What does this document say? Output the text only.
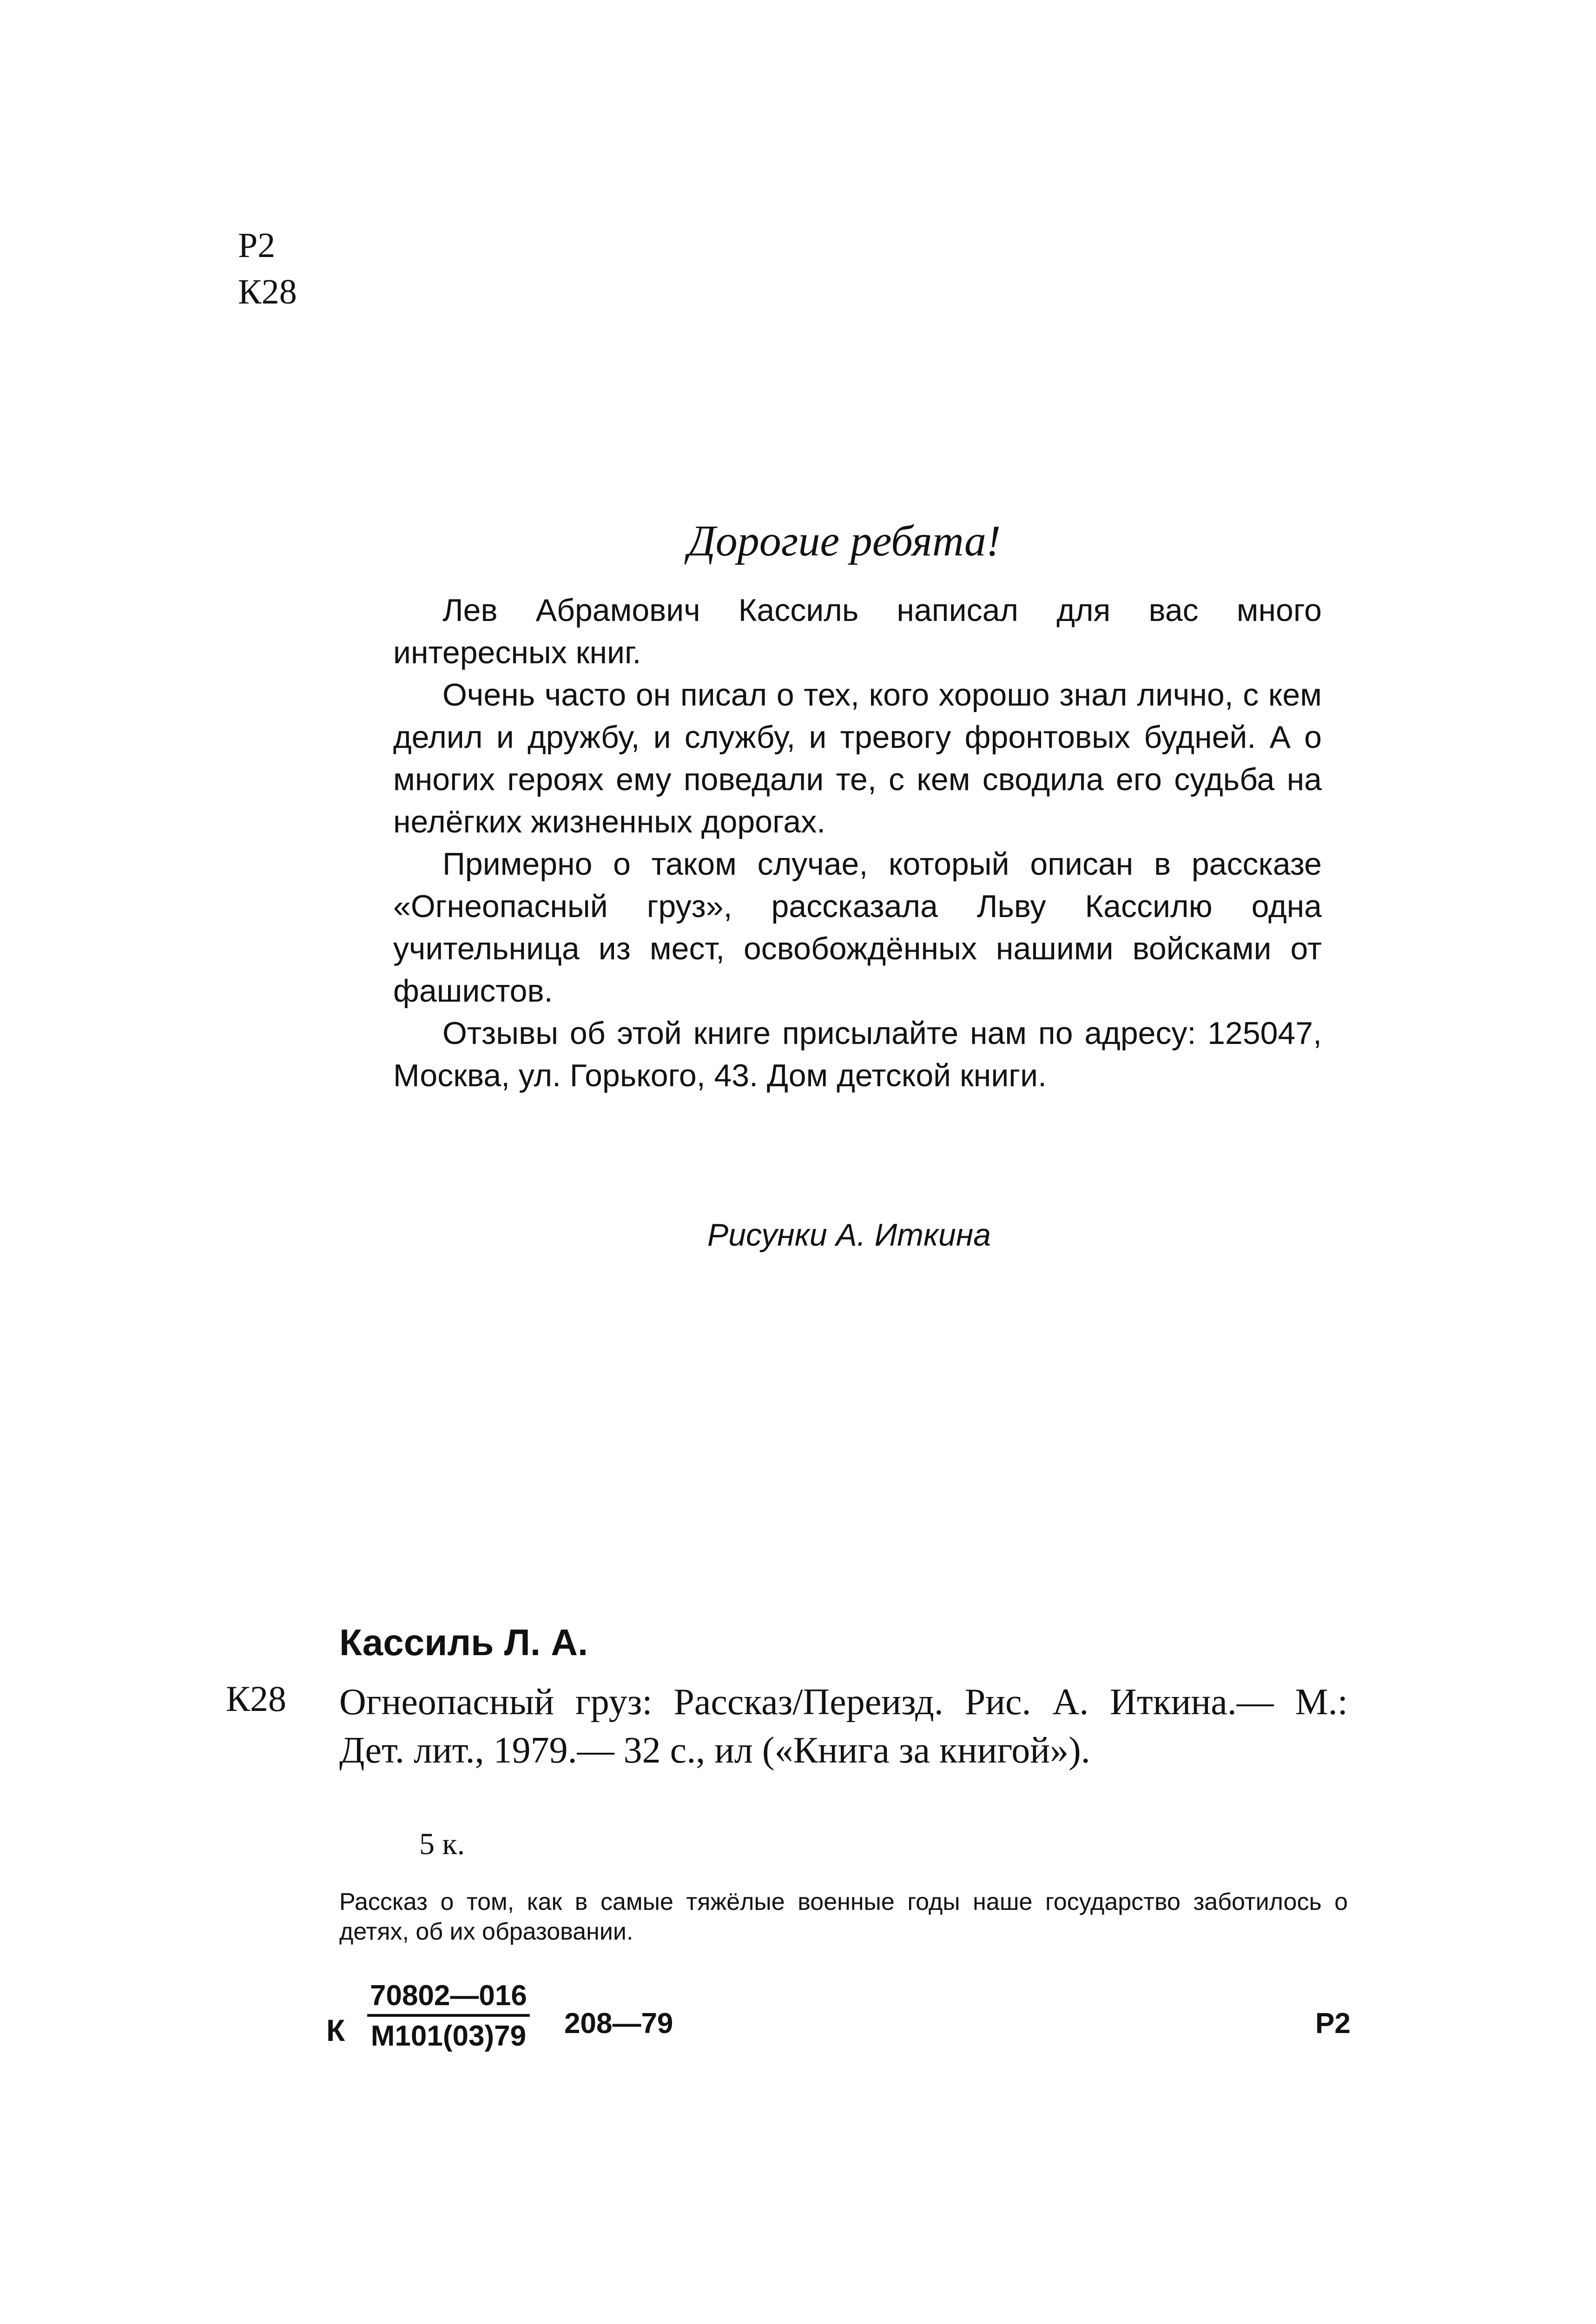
Р2
К28
Дорогие ребята!

Лев Абрамович Кассиль написал для вас много интересных книг.

Очень часто он писал о тех, кого хорошо знал лично, с кем делил и дружбу, и службу, и тревогу фронтовых будней. А о многих героях ему поведали те, с кем сводила его судьба на нелёгких жизненных дорогах.

Примерно о таком случае, который описан в рассказе «Огнеопасный груз», рассказала Льву Кассилю одна учительница из мест, освобождённых нашими войсками от фашистов.

Отзывы об этой книге присылайте нам по адресу: 125047, Москва, ул. Горького, 43. Дом детской книги.

Рисунки А. Иткина
Кассиль Л. А.
К28 Огнеопасный груз: Рассказ/Переизд. Рис. А. Иткина.— М.: Дет. лит., 1979.— 32 с., ил («Книга за книгой»).
5 к.
Рассказ о том, как в самые тяжёлые военные годы наше государство заботилось о детях, об их образовании.
К
70802—016
М101(03)79 208—79	Р2
